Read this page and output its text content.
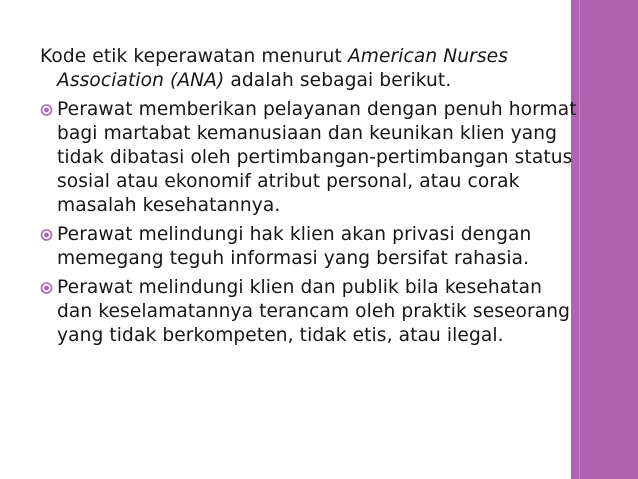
Kode etik keperawatan menurut American Nurses Association (ANA) adalah sebagai berikut.

Perawat memberikan pelayanan dengan penuh hormat bagi martabat kemanusiaan dan keunikan klien yang tidak dibatasi oleh pertimbangan-pertimbangan status sosial atau ekonomif atribut personal, atau corak masalah kesehatannya.
Perawat melindungi hak klien akan privasi dengan memegang teguh informasi yang bersifat rahasia.
Perawat melindungi klien dan publik bila kesehatan dan keselamatannya terancam oleh praktik seseorang yang tidak berkompeten, tidak etis, atau ilegal.
